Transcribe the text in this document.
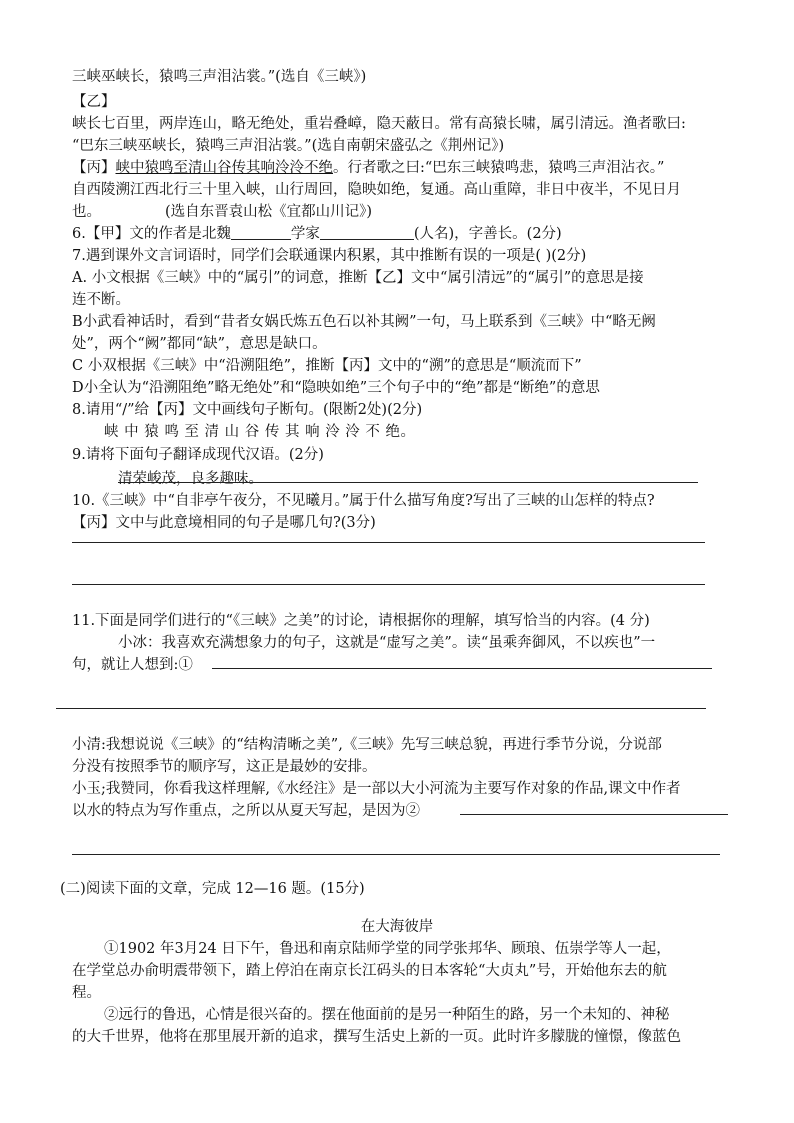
三峡巫峡长，猿鸣三声泪沾裳。”(选自《三峡》)
【乙】
峡长七百里，两岸连山，略无绝处，重岩叠嶂，隐天蔽日。常有高猿长啸，属引清远。渔者歌曰:
“巴东三峡巫峡长，猿鸣三声泪沾裳。”(选自南朝宋盛弘之《荆州记》)
【丙】峡中猿鸣至清山谷传其响泠泠不绝。行者歌之曰:“巴东三峡猿鸣悲，猿鸣三声泪沾衣。”
自西陵溯江西北行三十里入峡，山行周回，隐映如绝，复通。高山重障，非日中夜半，不见日月
也。	(选自东晋袁山松《宜都山川记》)
6.【甲】文的作者是北魏	学家	(人名)，字善长。(2分)
7.遇到课外文言词语时，同学们会联通课内积累，其中推断有误的一项是( )(2分)
A. 小文根据《三峡》中的“属引”的词意，推断【乙】文中“属引清远”的“属引”的意思是接
连不断。
B小武看神话时，看到“昔者女娲氏炼五色石以补其阙”一句，马上联系到《三峡》中“略无阙
处”，两个“阙”都同“缺”，意思是缺口。
C 小双根据《三峡》中“沿溯阻绝”，推断【丙】文中的“溯”的意思是“顺流而下”
D小全认为“沿溯阻绝”略无绝处”和“隐映如绝”三个句子中的“绝”都是“断绝”的意思
8.请用“/”给【丙】文中画线句子断句。(限断2处)(2分)
峡 中 猿 鸣 至 清 山 谷 传 其 响 泠 泠 不 绝。
9.请将下面句子翻译成现代汉语。(2分)
清荣峻茂，良多趣味。
10.《三峡》中“自非亭午夜分，不见曦月。”属于什么描写角度?写出了三峡的山怎样的特点?
【丙】文中与此意境相同的句子是哪几句?(3分)
11.下面是同学们进行的“《三峡》之美”的讨论，请根据你的理解，填写恰当的内容。(4 分)
小冰：我喜欢充满想象力的句子，这就是“虚写之美”。读“虽乘奔御风，不以疾也”一
句，就让人想到:①
小清:我想说说《三峡》的“结构清晰之美”,《三峡》先写三峡总貌，再进行季节分说，分说部
分没有按照季节的顺序写，这正是最妙的安排。
小玉;我赞同，你看我这样理解,《水经注》是一部以大小河流为主要写作对象的作品,课文中作者
以水的特点为写作重点，之所以从夏天写起，是因为②
(二)阅读下面的文章，完成 12—16 题。(15分)
在大海彼岸
①1902 年3月24 日下午，鲁迅和南京陆师学堂的同学张邦华、顾琅、伍崇学等人一起，
在学堂总办俞明震带领下，踏上停泊在南京长江码头的日本客轮“大贞丸”号，开始他东去的航
程。
②远行的鲁迅，心情是很兴奋的。摆在他面前的是另一种陌生的路，另一个未知的、神秘
的大千世界，他将在那里展开新的追求，撰写生活史上新的一页。此时许多朦胧的憧憬，像蓝色
